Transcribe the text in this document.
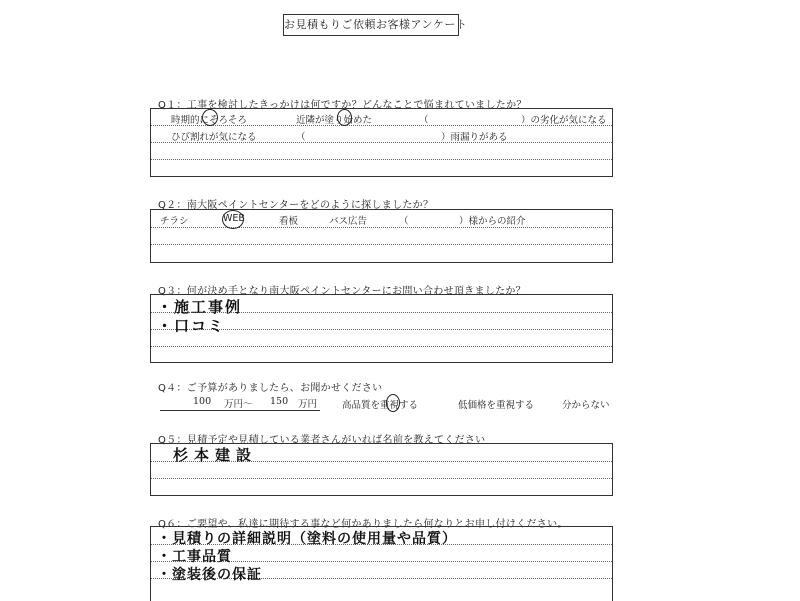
お見積もりご依頼お客様アンケート
Q１：工事を検討したきっかけは何ですか？どんなことで悩まれていましたか？
時期的にそろそろ	近隣が塗り始めた	（	）の劣化が気になる
ひび割れが気になる	（	）雨漏りがある
Q２：南大阪ペイントセンターをどのように探しましたか？
チラシ	WEB	看板	バス広告	（	）様からの紹介
Q３：何が決め手となり南大阪ペイントセンターにお問い合わせ頂きましたか？
・施工事例
・口コミ
Q４：ご予算がありましたら、お聞かせください
100 万円～ 150 万円	高品質を重視する	低価格を重視する	分からない
Q５：見積予定や見積している業者さんがいれば名前を教えてください
杉本建設
Q６：ご要望や、私達に期待する事など何かありましたら何なりとお申し付けください。
・見積りの詳細説明（塗料の使用量や品質）
・工事品質
・塗装後の保証
